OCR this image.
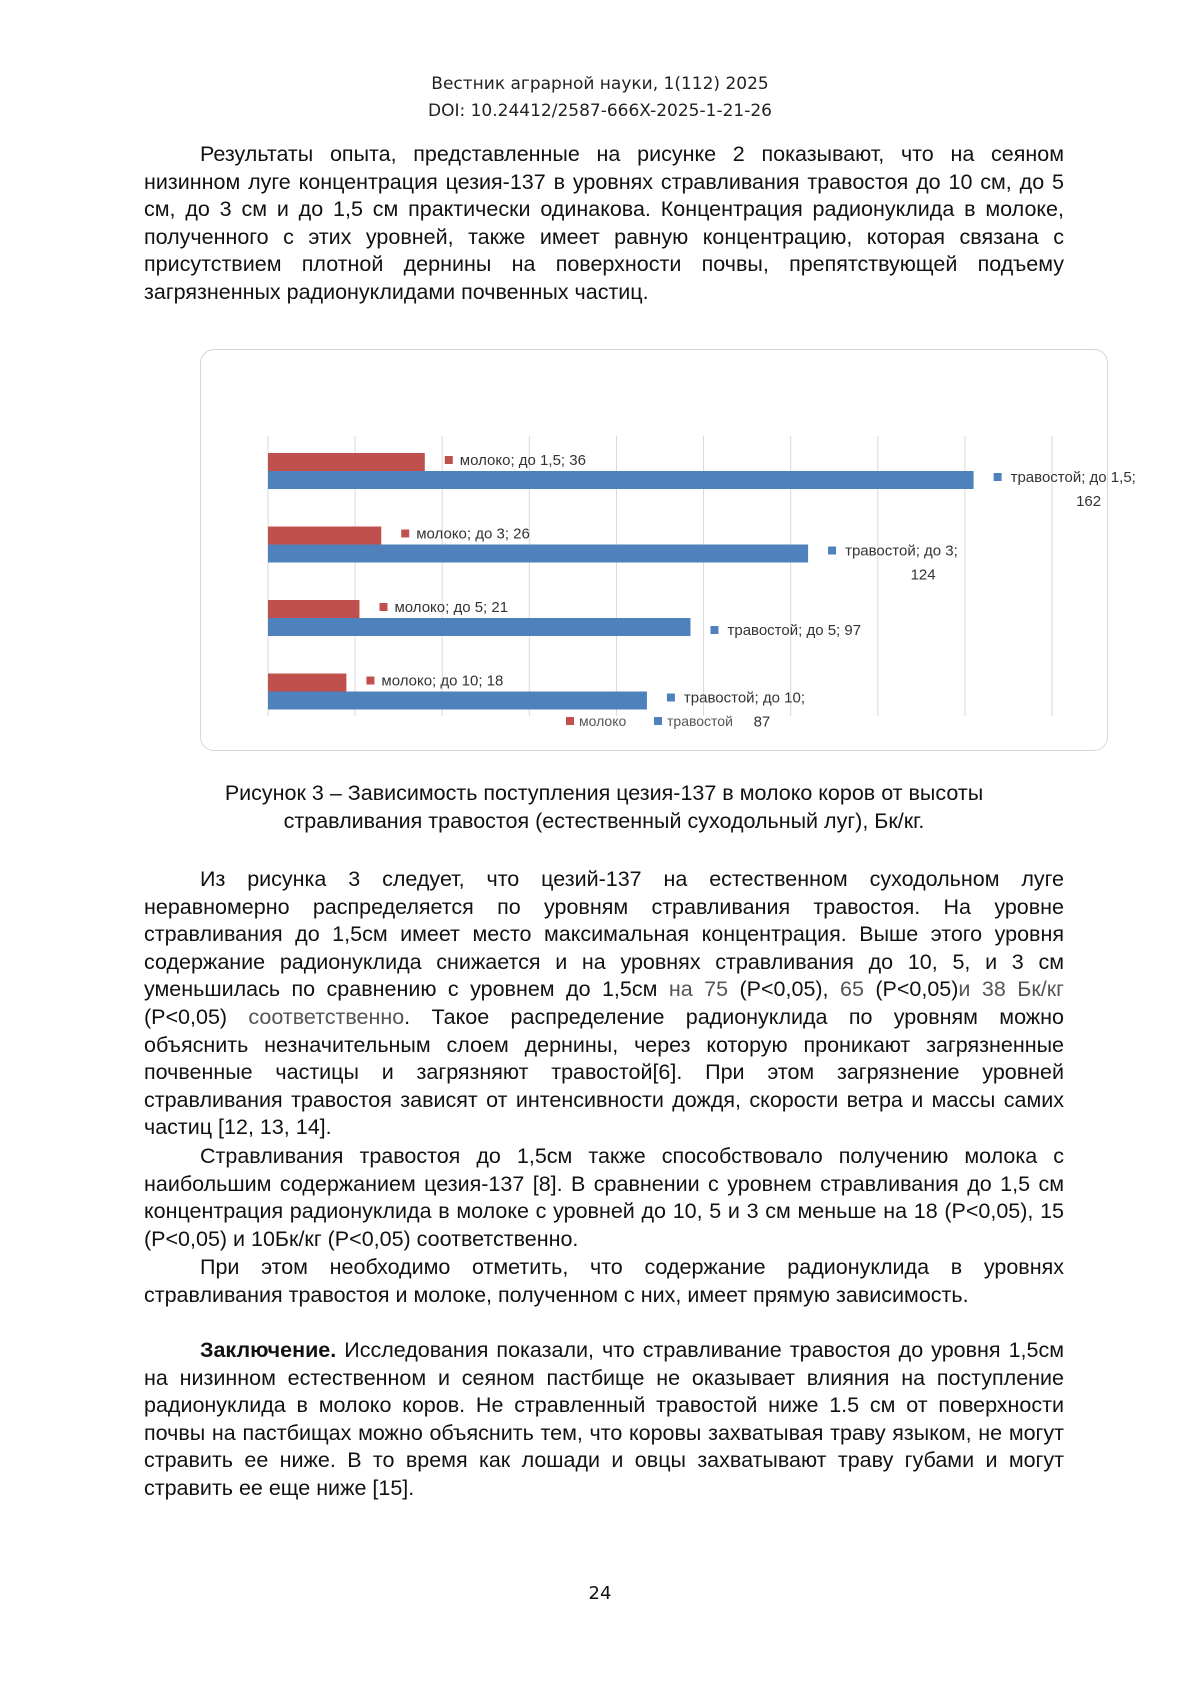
Вестник аграрной науки, 1(112) 2025
DOI: 10.24412/2587-666X-2025-1-21-26

Результаты опыта, представленные на рисунке 2 показывают, что на сеяном низинном луге концентрация цезия-137 в уровнях стравливания травостоя до 10 см, до 5 см, до 3 см и до 1,5 см практически одинакова. Концентрация радионуклида в молоке, полученного с этих уровней, также имеет равную концентрацию, которая связана с присутствием плотной дернины на поверхности почвы, препятствующей подъему загрязненных радионуклидами почвенных частиц.

молоко; до 10; 18
травостой; до 10;
87
молоко; до 5; 21
травостой; до 5; 97
молоко; до 3; 26
травостой; до 3;
124
молоко; до 1,5; 36
травостой; до 1,5;
162
молоко	травостой
Рисунок 3 – Зависимость поступления цезия-137 в молоко коров от высоты
стравливания травостоя (естественный суходольный луг), Бк/кг.

Из рисунка 3 следует, что цезий-137 на естественном суходольном луге неравномерно распределяется по уровням стравливания травостоя. На уровне стравливания до 1,5см имеет место максимальная концентрация. Выше этого уровня содержание радионуклида снижается и на уровнях стравливания до 10, 5, и 3 см уменьшилась по сравнению с уровнем до 1,5см на 75 (Р<0,05), 65 (Р<0,05)и 38 Бк/кг (Р<0,05) соответственно. Такое распределение радионуклида по уровням можно объяснить незначительным слоем дернины, через которую проникают загрязненные почвенные частицы и загрязняют травостой[6]. При этом загрязнение уровней стравливания травостоя зависят от интенсивности дождя, скорости ветра и массы самих частиц [12, 13, 14].

Стравливания травостоя до 1,5см также способствовало получению молока с наибольшим содержанием цезия-137 [8]. В сравнении с уровнем стравливания до 1,5 см концентрация радионуклида в молоке с уровней до 10, 5 и 3 см меньше на 18 (Р<0,05), 15 (Р<0,05) и 10Бк/кг (Р<0,05) соответственно.

При этом необходимо отметить, что содержание радионуклида в уровнях стравливания травостоя и молоке, полученном с них, имеет прямую зависимость.

Заключение. Исследования показали, что стравливание травостоя до уровня 1,5см на низинном естественном и сеяном пастбище не оказывает влияния на поступление радионуклида в молоко коров. Не стравленный травостой ниже 1.5 см от поверхности почвы на пастбищах можно объяснить тем, что коровы захватывая траву языком, не могут стравить ее ниже. В то время как лошади и овцы захватывают траву губами и могут стравить ее еще ниже [15].

24
